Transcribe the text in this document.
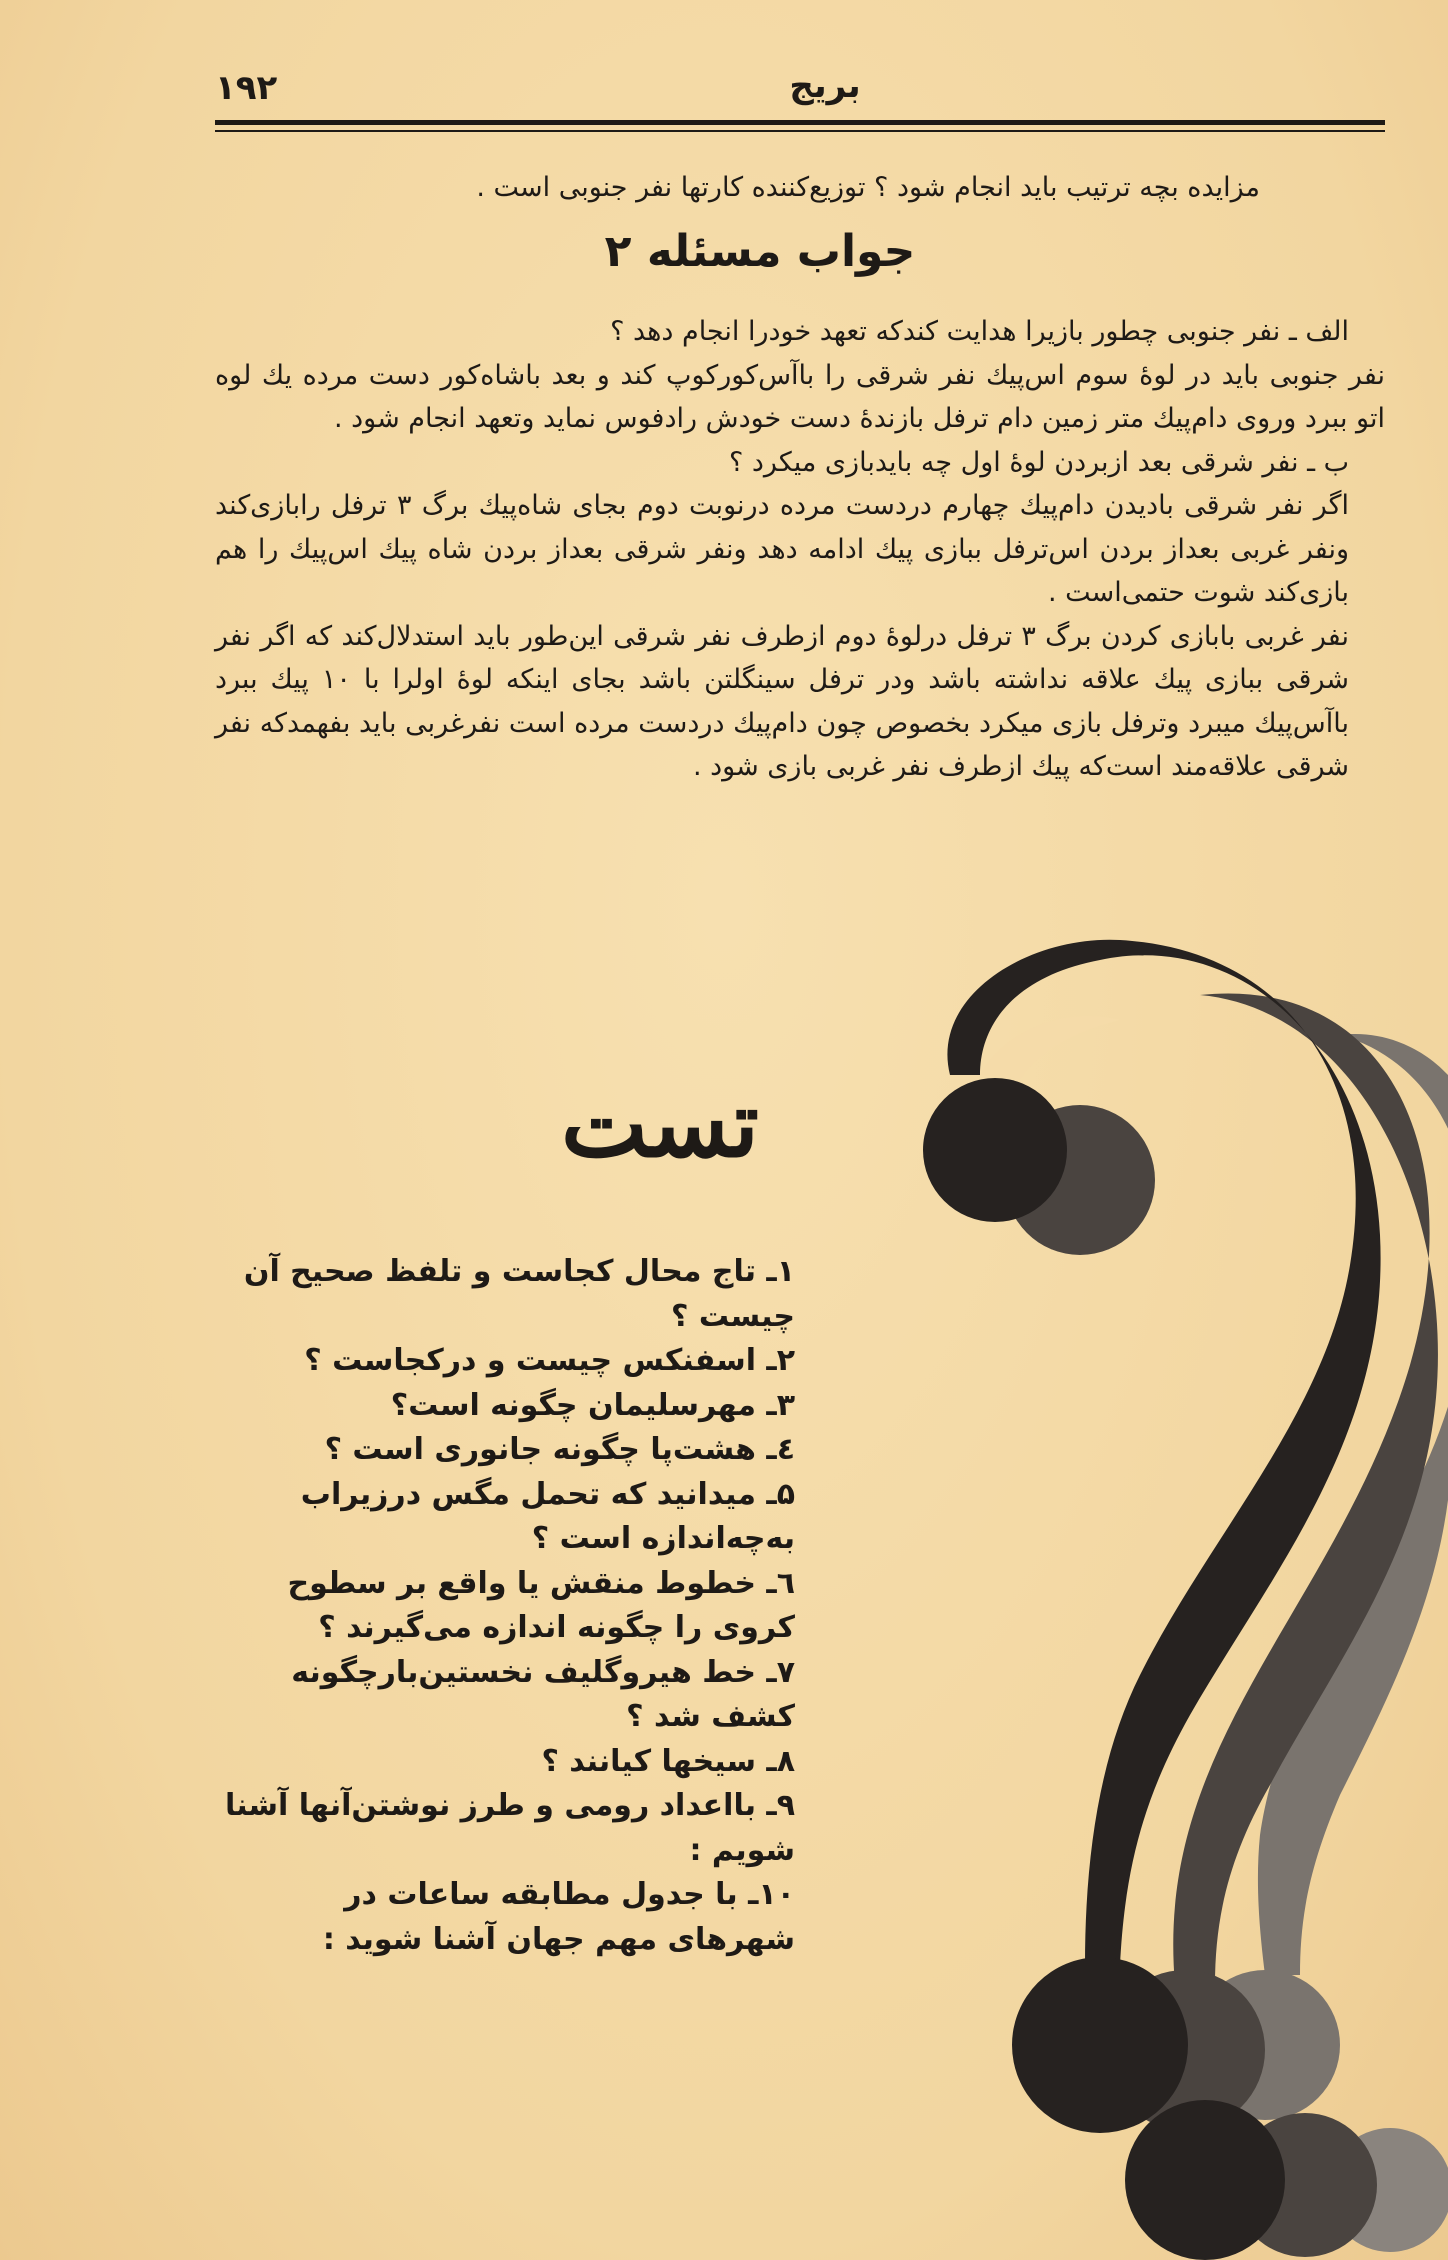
۱۹۲	بریج
مزایده بچه ترتیب باید انجام شود ؟ توزیع‌کننده کارتها نفر جنوبی است .
جواب مسئله ۲

الف ـ نفر جنوبی چطور بازیرا هدایت کندکه تعهد خودرا انجام دهد ؟

نفر جنوبی باید در لوهٔ سوم اس‌پیك نفر شرقی را باآس‌کورکوپ کند و بعد باشاه‌کور دست مرده یك لوه اتو ببرد وروی دام‌پیك متر زمین دام ترفل بازندهٔ دست خودش رادفوس نماید وتعهد انجام شود .

ب ـ نفر شرقی بعد ازبردن لوهٔ اول چه بایدبازی میکرد ؟

اگر نفر شرقی بادیدن دام‌پیك چهارم دردست مرده درنوبت دوم بجای شاه‌پیك برگ ۳ ترفل رابازی‌کند ونفر غربی بعداز بردن اس‌ترفل ببازی پیك ادامه دهد ونفر شرقی بعداز بردن شاه پیك اس‌پیك را هم بازی‌کند شوت حتمی‌است .

نفر غربی بابازی کردن برگ ۳ ترفل درلوهٔ دوم ازطرف نفر شرقی این‌طور باید استدلال‌کند که اگر نفر شرقی ببازی پیك علاقه نداشته باشد ودر ترفل سینگلتن باشد بجای اینکه لوهٔ اولرا با ۱۰ پیك ببرد باآس‌پیك میبرد وترفل بازی میکرد بخصوص چون دام‌پیك دردست مرده است نفرغربی باید بفهمدکه نفر شرقی علاقه‌مند است‌که پیك ازطرف نفر غربی بازی شود .

تست

۱ـ تاج محال کجاست و تلفظ صحیح آن چیست ؟

۲ـ اسفنکس چیست و درکجاست ؟

۳ـ مهرسلیمان چگونه است؟

٤ـ هشت‌پا چگونه جانوری است ؟

۵ـ میدانید که تحمل مگس درزیراب به‌چه‌اندازه است ؟

٦ـ خطوط منقش یا واقع بر سطوح کروی را چگونه اندازه می‌گیرند ؟

۷ـ خط هیروگلیف نخستین‌بارچگونه کشف شد ؟

۸ـ سیخها کیانند ؟

۹ـ بااعداد رومی و طرز نوشتن‌آنها آشنا شویم :

۱۰ـ با جدول مطابقه ساعات در شهرهای مهم جهان آشنا شوید :
